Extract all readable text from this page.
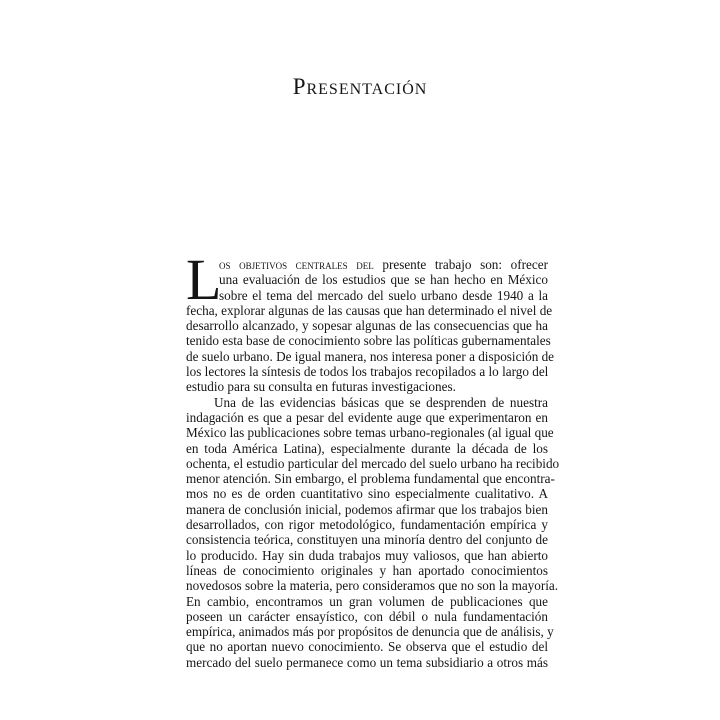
Presentación
L
os objetivos centrales del presente trabajo son: ofrecer
una evaluación de los estudios que se han hecho en México
sobre el tema del mercado del suelo urbano desde 1940 a la
fecha, explorar algunas de las causas que han determinado el nivel de
desarrollo alcanzado, y sopesar algunas de las consecuencias que ha
tenido esta base de conocimiento sobre las políticas gubernamentales
de suelo urbano. De igual manera, nos interesa poner a disposición de
los lectores la síntesis de todos los trabajos recopilados a lo largo del
estudio para su consulta en futuras investigaciones.
Una de las evidencias básicas que se desprenden de nuestra
indagación es que a pesar del evidente auge que experimentaron en
México las publicaciones sobre temas urbano-regionales (al igual que
en toda América Latina), especialmente durante la década de los
ochenta, el estudio particular del mercado del suelo urbano ha recibido
menor atención. Sin embargo, el problema fundamental que encontra-
mos no es de orden cuantitativo sino especialmente cualitativo. A
manera de conclusión inicial, podemos afirmar que los trabajos bien
desarrollados, con rigor metodológico, fundamentación empírica y
consistencia teórica, constituyen una minoría dentro del conjunto de
lo producido. Hay sin duda trabajos muy valiosos, que han abierto
líneas de conocimiento originales y han aportado conocimientos
novedosos sobre la materia, pero consideramos que no son la mayoría.
En cambio, encontramos un gran volumen de publicaciones que
poseen un carácter ensayístico, con débil o nula fundamentación
empírica, animados más por propósitos de denuncia que de análisis, y
que no aportan nuevo conocimiento. Se observa que el estudio del
mercado del suelo permanece como un tema subsidiario a otros más
